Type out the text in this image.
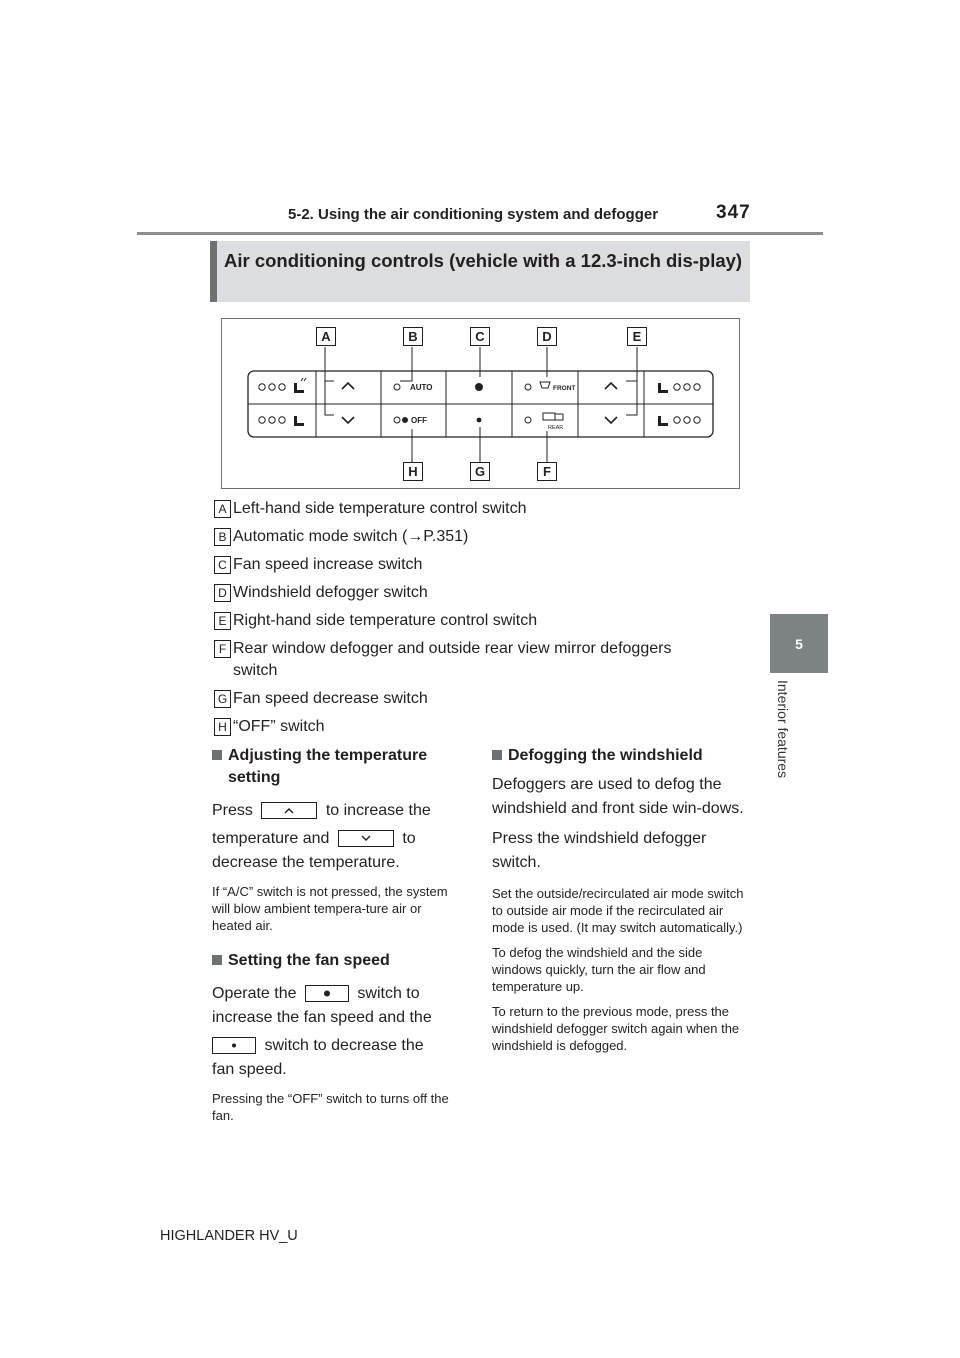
5-2. Using the air conditioning system and defogger	347
5
Interior features
Air conditioning controls (vehicle with a 12.3-inch dis-play)
AUTO
OFF
FRONT
REAR
A	B	C	D	E
H	G	F
A Left-hand side temperature control switch
B Automatic mode switch (→P.351)
C Fan speed increase switch
D Windshield defogger switch
E Right-hand side temperature control switch
F Rear window defogger and outside rear view mirror defoggers
switch
G Fan speed decrease switch
H “OFF” switch
Adjusting the temperature
setting
Press	to increase the
temperature and	to
decrease the temperature.
If “A/C” switch is not pressed, the system will blow ambient tempera-ture air or heated air.
Setting the fan speed
Operate the	switch to
increase the fan speed and the
switch to decrease the
fan speed.
Pressing the “OFF” switch to turns off the fan.
Defogging the windshield
Defoggers are used to defog the windshield and front side win-dows.
Press the windshield defogger switch.
Set the outside/recirculated air mode switch to outside air mode if the recirculated air mode is used. (It may switch automatically.)
To defog the windshield and the side windows quickly, turn the air flow and temperature up.
To return to the previous mode, press the windshield defogger switch again when the windshield is defogged.
HIGHLANDER HV_U
